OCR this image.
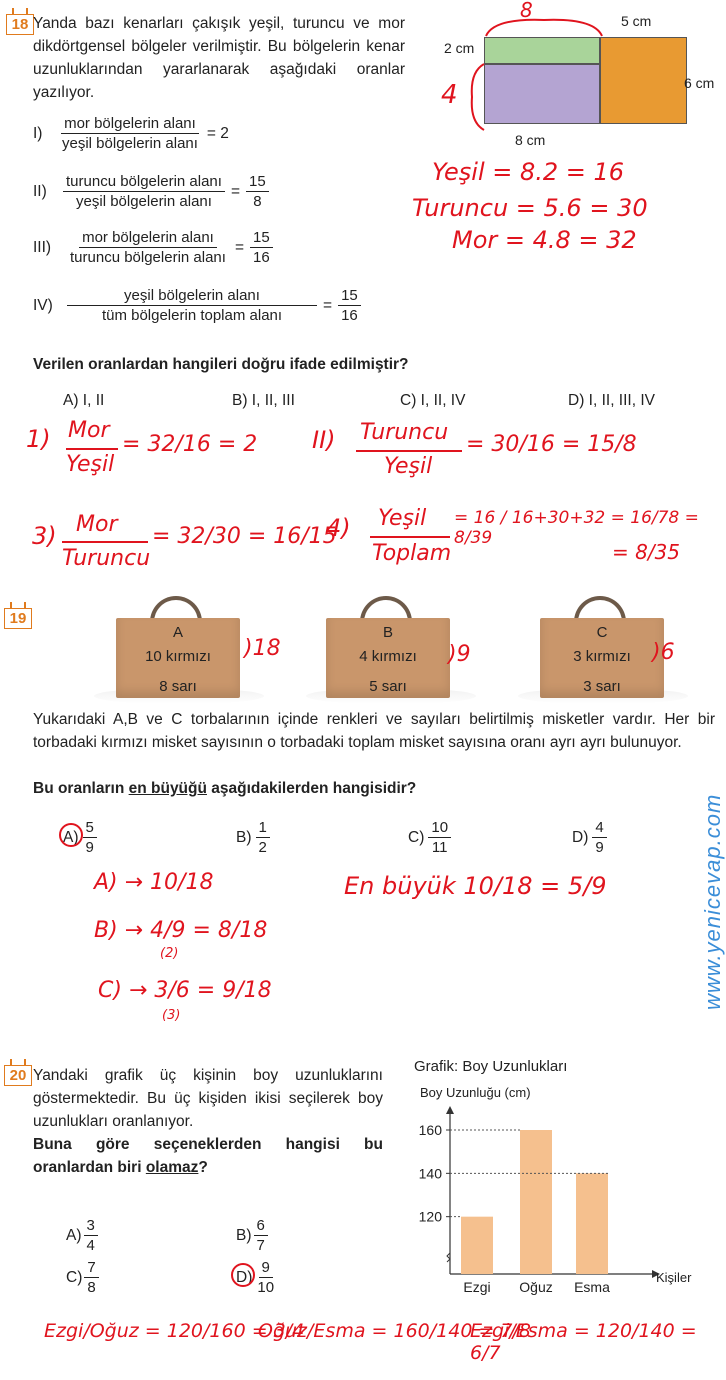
18 Yanda bazı kenarları çakışık yeşil, turuncu ve mor dikdörtgensel bölgeler verilmiştir. Bu bölgelerin kenar uzunluklarından yararlanarak aşağıdaki oranlar yazılıyor.
5 cm
2 cm
6 cm
8 cm
8
4
Yeşil = 8.2 = 16
Turuncu = 5.6 = 30
Mor = 4.8 = 32
I)	$\frac{\text{mor bölgelerin alanı}}{\text{yeşil bölgelerin alanı}} = 2$
II)	$\frac{\text{turuncu bölgelerin alanı}}{\text{yeşil bölgelerin alanı}} = \frac{15}{8}$
III)	$\frac{\text{mor bölgelerin alanı}}{\text{turuncu bölgelerin alanı}} = \frac{15}{16}$
$IV) \frac{\text{yeşil bölgelerin alanı}}{\text{tüm bölgelerin toplam alanı}} = \frac{15}{16}$
Verilen oranlardan hangileri doğru ifade edilmiştir?
A) I, II	B) I, II, III	C) I, II, IV	D) I, II, III, IV
1) Mor
Yeşil
= 32/16 = 2 II) Turuncu
Yeşil
= 30/16 = 15/8
3) Mor
Turuncu
= 32/30 = 16/15
4) Yeşil
Toplam
= 16 / 16+30+32 = 16/78 = 8/39
= 8/35
19
A
10 kırmızı
8 sarı
B
4 kırmızı
5 sarı
C
3 kırmızı
3 sarı
)18	)9	)6
Yukarıdaki A,B ve C torbalarının içinde renkleri ve sayıları belirtilmiş misketler vardır. Her bir torbadaki kırmızı misket sayısının o torbadaki toplam misket sayısına oranı ayrı ayrı bulunuyor.
Bu oranların en büyüğü aşağıdakilerden hangisidir?
$A) \frac{5}{9}$	$B) \frac{1}{2}$	$C) \frac{10}{11}$	$D) \frac{4}{9}$
A) → 10/18
B) → 4/9 = 8/18
(2)
C) → 3/6 = 9/18
(3)
En büyük 10/18 = 5/9	www.yenicevap.com
20 Yandaki grafik üç kişinin boy uzunluklarını göstermektedir. Bu üç kişiden ikisi seçilerek boy uzunlukları oranlanıyor.
Buna göre seçeneklerden hangisi bu oranlardan biri olamaz?
$A) \frac{3}{4}$	$B) \frac{6}{7}$
$C) \frac{7}{8}$	$D) \frac{9}{10}$
Ezgi/Oğuz = 120/160 = 3/4
Oğuz/Esma = 160/140 = 7/8
Ezgi/Esma = 120/140 = 6/7
Grafik: Boy Uzunlukları
Boy Uzunluğu (cm)
Ezgi Oğuz Esma
120
140
160
Kişiler
